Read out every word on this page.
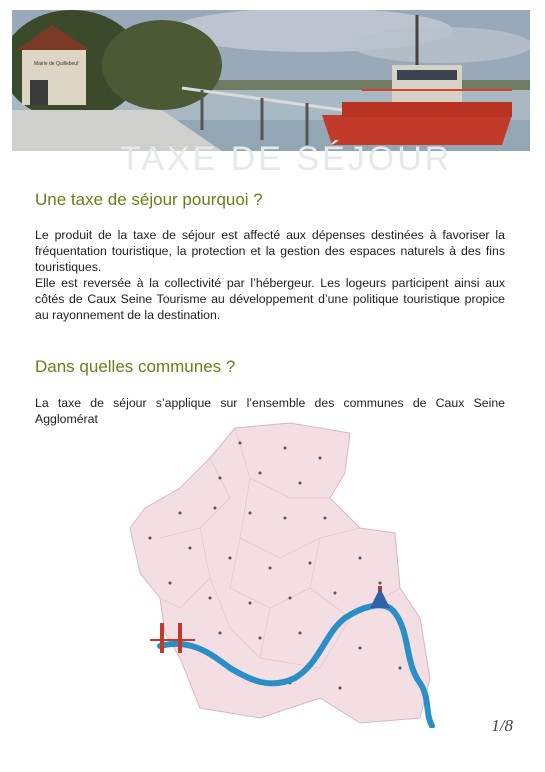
Mairie de Quillebeuf
TAXE DE SÉJOUR
Une taxe de séjour pourquoi ?

Le produit de la taxe de séjour est affecté aux dépenses destinées à favoriser la fréquentation touristique, la protection et la gestion des espaces naturels à des fins touristiques.

Elle est reversée à la collectivité par l’hébergeur. Les logeurs participent ainsi aux côtés de Caux Seine Tourisme au développement d’une politique touristique propice au rayonnement de la destination.

Dans quelles communes ?

La taxe de séjour s’applique sur l’ensemble des communes de Caux Seine Agglomérat

1/8
